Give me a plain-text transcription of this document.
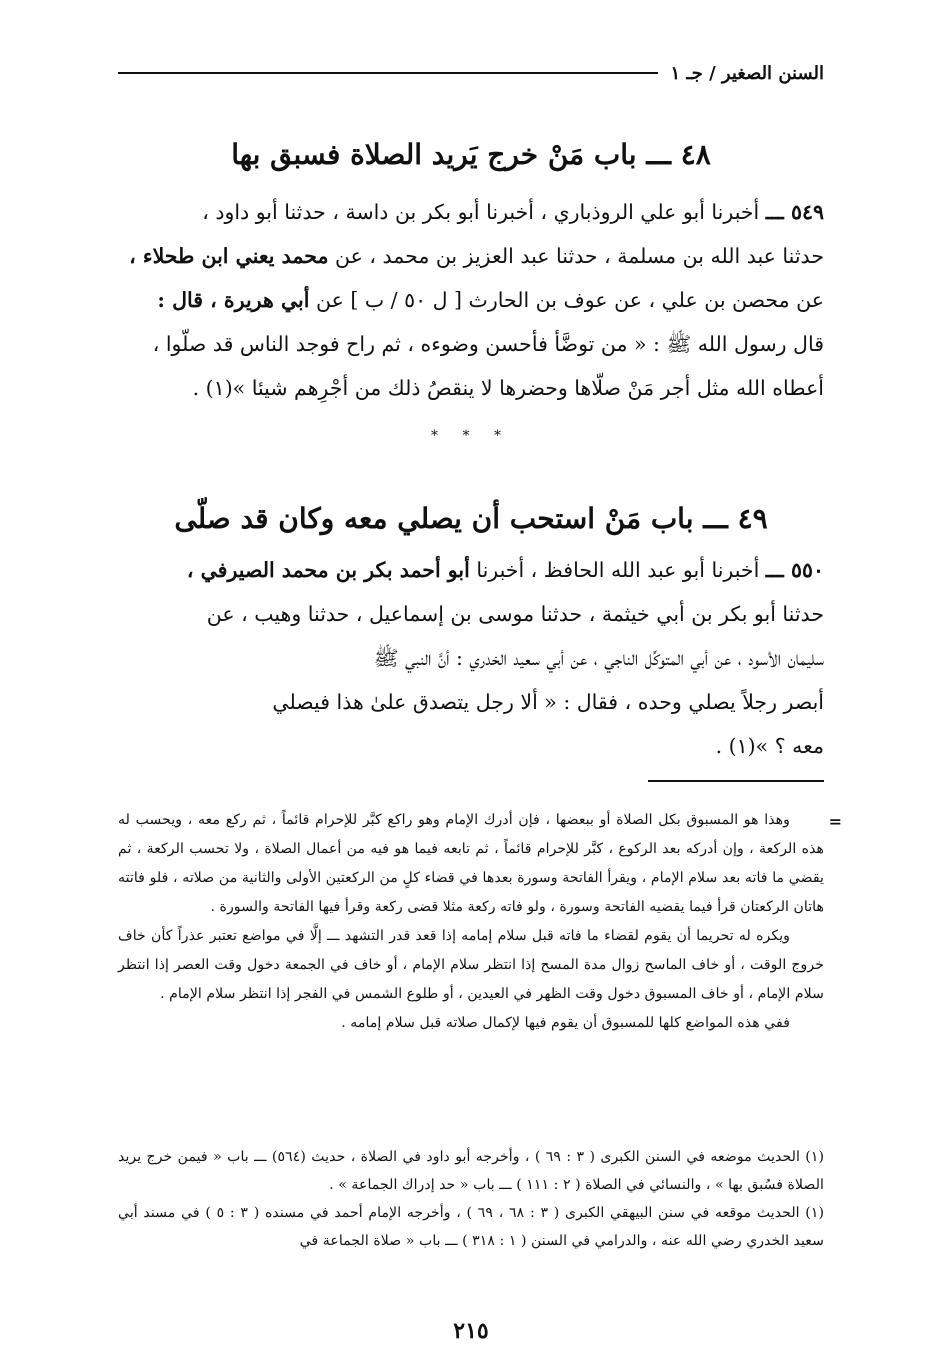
السنن الصغير / جـ ١
٤٨ ـــ باب مَنْ خرج يَريد الصلاة فسبق بها
٥٤٩ ـــ أخبرنا أبو علي الروذباري ، أخبرنا أبو بكر بن داسة ، حدثنا أبو داود ،
حدثنا عبد الله بن مسلمة ، حدثنا عبد العزيز بن محمد ، عن محمد يعني ابن طحلاء ،
عن محصن بن علي ، عن عوف بن الحارث [ ل ٥٠ / ب ] عن أبي هريرة ، قال :
قال رسول الله ﷺ : « من توضَّأ فأحسن وضوءه ، ثم راح فوجد الناس قد صلّوا ،
أعطاه الله مثل أجر مَنْ صلّاها وحضرها لا ينقصُ ذلك من أجْرِهم شيئا »(١) .
* * *
٤٩ ـــ باب مَنْ استحب أن يصلي معه وكان قد صلّى
٥٥٠ ـــ أخبرنا أبو عبد الله الحافظ ، أخبرنا أبو أحمد بكر بن محمد الصيرفي ،
حدثنا أبو بكر بن أبي خيثمة ، حدثنا موسى بن إسماعيل ، حدثنا وهيب ، عن
سليمان الأسود ، عن أبي المتوكِّل الناجي ، عن أبي سعيد الخدري : أنَّ النبي ﷺ
أبصر رجلاً يصلي وحده ، فقال : « ألا رجل يتصدق علىٰ هذا فيصلي
معه ؟ »(١) .
=

وهذا هو المسبوق بكل الصلاة أو ببعضها ، فإن أدرك الإمام وهو راكع كبَّر للإحرام قائماً ، ثم ركع معه ، ويحسب له هذه الركعة ، وإن أدركه بعد الركوع ، كبَّر للإحرام قائماً ، ثم تابعه فيما هو فيه من أعمال الصلاة ، ولا تحسب الركعة ، ثم يقضي ما فاته بعد سلام الإمام ، ويقرأ الفاتحة وسورة بعدها في قضاء كلٍ من الركعتين الأولى والثانية من صلاته ، فلو فاتته هاتان الركعتان قرأ فيما يقضيه الفاتحة وسورة ، ولو فاته ركعة مثلا قضى ركعة وقرأ فيها الفاتحة والسورة .

ويكره له تحريما أن يقوم لقضاء ما فاته قبل سلام إمامه إذا قعد قدر التشهد ـــ إلَّا في مواضع تعتبر عذراً كأن خاف خروج الوقت ، أو خاف الماسح زوال مدة المسح إذا انتظر سلام الإمام ، أو خاف في الجمعة دخول وقت العصر إذا انتظر سلام الإمام ، أو خاف المسبوق دخول وقت الظهر في العيدين ، أو طلوع الشمس في الفجر إذا انتظر سلام الإمام .

ففي هذه المواضع كلها للمسبوق أن يقوم فيها لإكمال صلاته قبل سلام إمامه .

(١) الحديث موضعه في السنن الكبرى ( ٣ : ٦٩ ) ، وأخرجه أبو داود في الصلاة ، حديث (٥٦٤) ـــ باب « فيمن خرج يريد الصلاة فسُبق بها » ، والنسائي في الصلاة ( ٢ : ١١١ ) ـــ باب « حد إدراك الجماعة » .

(١) الحديث موقعه في سنن البيهقي الكبرى ( ٣ : ٦٨ ، ٦٩ ) ، وأخرجه الإمام أحمد في مسنده ( ٣ : ٥ ) في مسند أبي سعيد الخدري رضي الله عنه ، والدرامي في السنن ( ١ : ٣١٨ ) ـــ باب « صلاة الجماعة في

٢١٥
